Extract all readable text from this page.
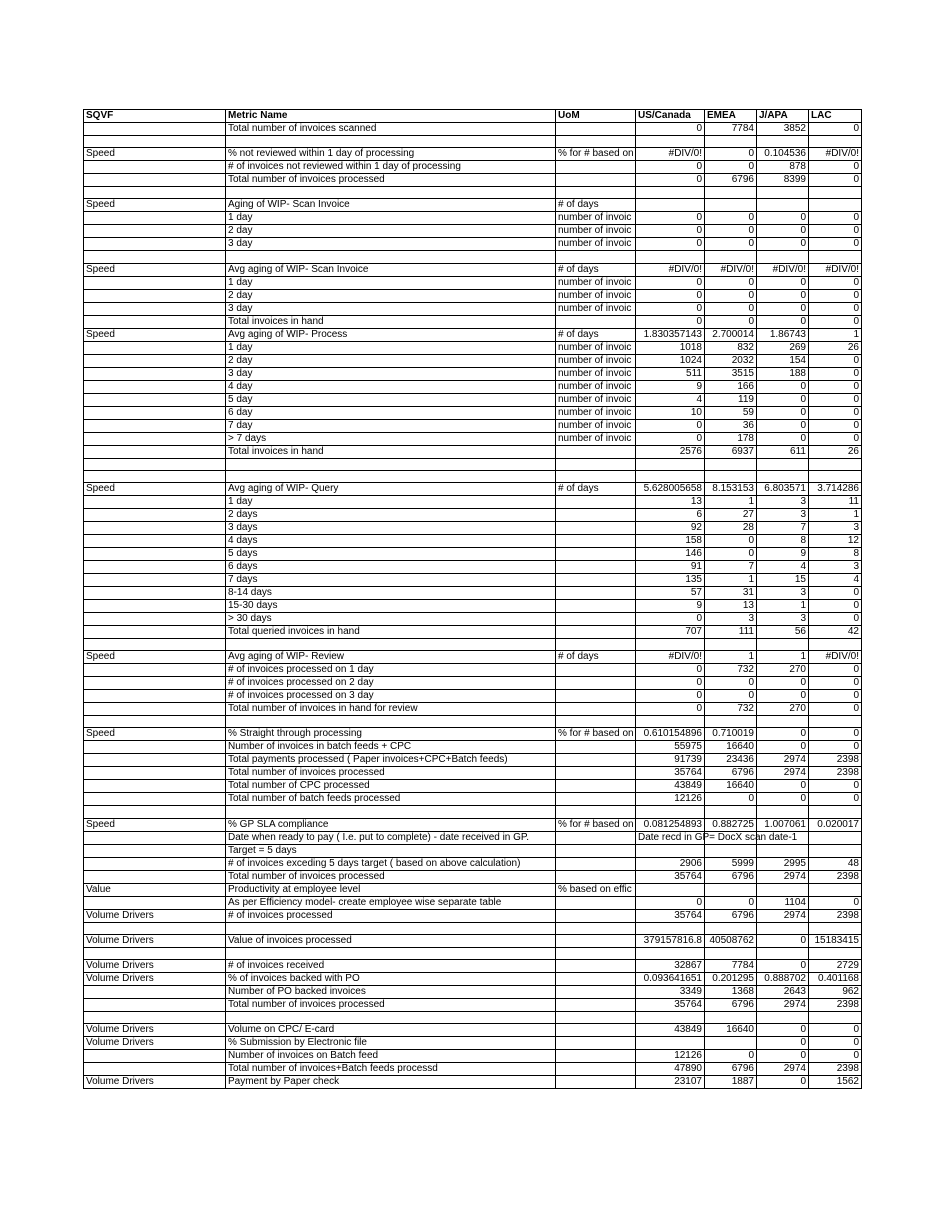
SQVF	Metric Name	UoM	US/Canada	EMEA	J/APA	LAC
	Total number of invoices scanned		0	7784	3852	0

Speed	% not reviewed within 1 day of processing	% for # based on	#DIV/0!	0	0.104536	#DIV/0!
	# of invoices not reviewed within 1 day of processing		0	0	878	0
	Total number of invoices processed		0	6796	8399	0

Speed	Aging of WIP- Scan Invoice	# of days				
	1 day	number of invoic	0	0	0	0
	2 day	number of invoic	0	0	0	0
	3 day	number of invoic	0	0	0	0

Speed	Avg aging of WIP- Scan Invoice	# of days	#DIV/0!	#DIV/0!	#DIV/0!	#DIV/0!
	1 day	number of invoic	0	0	0	0
	2 day	number of invoic	0	0	0	0
	3 day	number of invoic	0	0	0	0
	Total invoices in hand		0	0	0	0
Speed	Avg aging of WIP- Process	# of days	1.830357143	2.700014	1.86743	1
	1 day	number of invoic	1018	832	269	26
	2 day	number of invoic	1024	2032	154	0
	3 day	number of invoic	511	3515	188	0
	4 day	number of invoic	9	166	0	0
	5 day	number of invoic	4	119	0	0
	6 day	number of invoic	10	59	0	0
	7 day	number of invoic	0	36	0	0
	> 7 days	number of invoic	0	178	0	0
	Total invoices in hand		2576	6937	611	26

Speed	Avg aging of WIP- Query	# of days	5.628005658	8.153153	6.803571	3.714286
	1 day		13	1	3	11
	2 days		6	27	3	1
	3 days		92	28	7	3
	4 days		158	0	8	12
	5 days		146	0	9	8
	6 days		91	7	4	3
	7 days		135	1	15	4
	8-14 days		57	31	3	0
	15-30 days		9	13	1	0
	> 30 days		0	3	3	0
	Total queried invoices in hand		707	111	56	42

Speed	Avg aging of WIP- Review	# of days	#DIV/0!	1	1	#DIV/0!
	# of invoices processed on 1 day		0	732	270	0
	# of invoices processed on 2 day		0	0	0	0
	# of invoices processed on 3 day		0	0	0	0
	Total number of invoices in hand for review		0	732	270	0

Speed	% Straight through processing	% for # based on	0.610154896	0.710019	0	0
	Number of invoices in batch feeds + CPC		55975	16640	0	0
	Total payments processed ( Paper invoices+CPC+Batch feeds)		91739	23436	2974	2398
	Total number of invoices processed		35764	6796	2974	2398
	Total number of CPC processed		43849	16640	0	0
	Total number of batch feeds processed		12126	0	0	0

Speed	% GP SLA compliance	% for # based on	0.081254893	0.882725	1.007061	0.020017
	Date when ready to pay ( I.e. put to complete) - date received in GP.		Date recd in GP= DocX scan date-1			
	Target = 5 days					
	# of invoices exceding 5 days target ( based on above calculation)		2906	5999	2995	48
	Total number of invoices processed		35764	6796	2974	2398
Value	Productivity at employee level	% based on effic				
	As per Efficiency model- create employee wise separate table		0	0	1104	0
Volume Drivers	# of invoices processed		35764	6796	2974	2398

Volume Drivers	Value of invoices processed		379157816.8	40508762	0	15183415

Volume Drivers	# of invoices received		32867	7784	0	2729
Volume Drivers	% of invoices backed with PO		0.093641651	0.201295	0.888702	0.401168
	Number of PO backed invoices		3349	1368	2643	962
	Total number of invoices processed		35764	6796	2974	2398

Volume Drivers	Volume on CPC/ E-card		43849	16640	0	0
Volume Drivers	% Submission by Electronic file				0	0
	Number of invoices on Batch feed		12126	0	0	0
	Total number of invoices+Batch feeds processd		47890	6796	2974	2398
Volume Drivers	Payment by Paper check		23107	1887	0	1562
